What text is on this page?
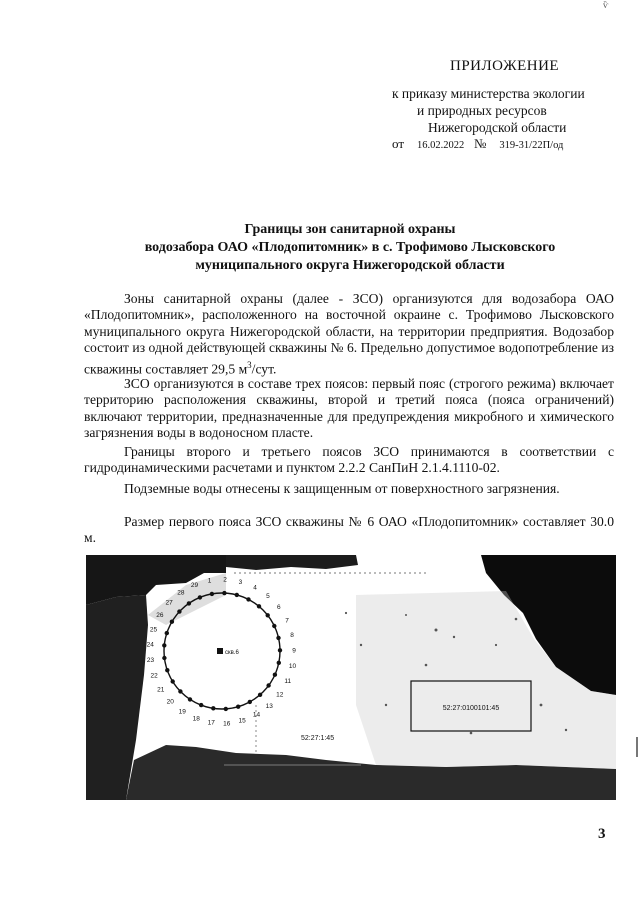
ѷ
ПРИЛОЖЕНИЕ
к приказу министерства экологии
и природных ресурсов
Нижегородской области
от 16.02.2022 № 319-31/22П/од
Границы зон санитарной охраны
водозабора ОАО «Плодопитомник» в с. Трофимово Лысковского
муниципального округа Нижегородской области

Зоны санитарной охраны (далее - ЗСО) организуются для водозабора ОАО «Плодопитомник», расположенного на восточной окраине с. Трофимово Лысковского муниципального округа Нижегородской области, на территории предприятия. Водозабор состоит из одной действующей скважины № 6. Предельно допустимое водопотребление из скважины составляет 29,5 $м^3$/сут.

ЗСО организуются в составе трех поясов: первый пояс (строгого режима) включает территорию расположения скважины, второй и третий пояса (пояса ограничений) включают территории, предназначенные для предупреждения микробного и химического загрязнения воды в водоносном пласте.

Границы второго и третьего поясов ЗСО принимаются в соответствии с гидродинамическими расчетами и пунктом 2.2.2 СанПиН 2.1.4.1110-02.

Подземные воды отнесены к защищенным от поверхностного загрязнения.

Размер первого пояса ЗСО скважины № 6 ОАО «Плодопитомник» составляет 30.0 м.

1 2 3
4
5
6
7
8
9
10
11
12
13
14
15
16
17
18
19
20
21
22
23
24
25
26
27
28
29
скв.6
52:27:0100101:45
52:27:1:45
3
